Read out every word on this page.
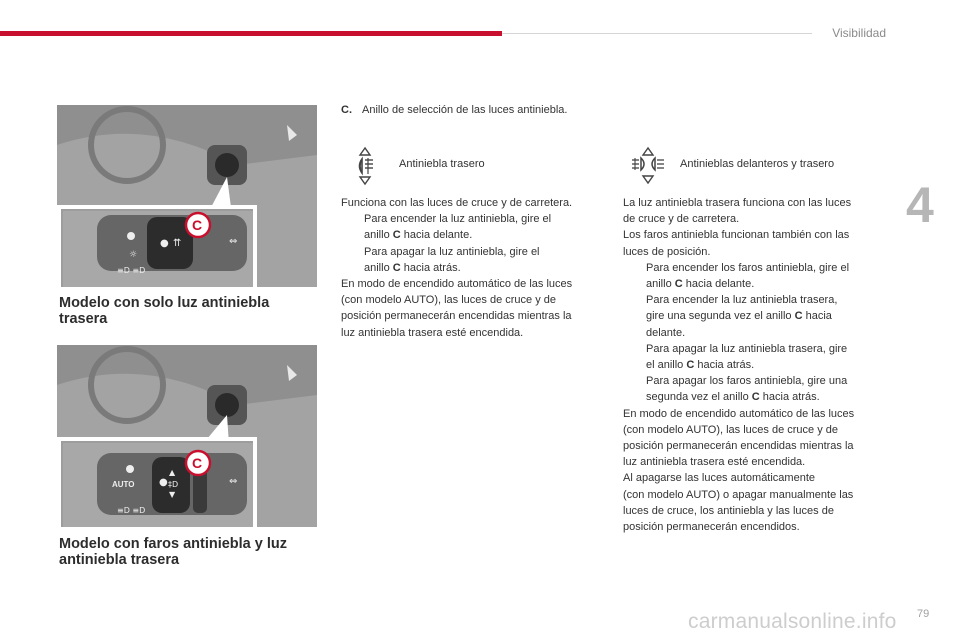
Visibilidad
4
☼
● ⇈
C
⇔
≡D ≡D
Modelo con solo luz antiniebla
trasera
AUTO ●
▲
‡D
▼
C
⇔
≡D ≡D
Modelo con faros antiniebla y luz
antiniebla trasera
C. Anillo de selección de las luces antiniebla.
Antiniebla trasero	Antinieblas delanteros y trasero

Funciona con las luces de cruce y de carretera.

Para encender la luz antiniebla, gire el
anillo C hacia delante.
Para apagar la luz antiniebla, gire el
anillo C hacia atrás.

En modo de encendido automático de las luces
(con modelo AUTO), las luces de cruce y de
posición permanecerán encendidas mientras la
luz antiniebla trasera esté encendida.

La luz antiniebla trasera funciona con las luces
de cruce y de carretera.
Los faros antiniebla funcionan también con las
luces de posición.

Para encender los faros antiniebla, gire el
anillo C hacia delante.
Para encender la luz antiniebla trasera,
gire una segunda vez el anillo C hacia
delante.
Para apagar la luz antiniebla trasera, gire
el anillo C hacia atrás.
Para apagar los faros antiniebla, gire una
segunda vez el anillo C hacia atrás.

En modo de encendido automático de las luces
(con modelo AUTO), las luces de cruce y de
posición permanecerán encendidas mientras la
luz antiniebla trasera esté encendida.
Al apagarse las luces automáticamente
(con modelo AUTO) o apagar manualmente las
luces de cruce, los antiniebla y las luces de
posición permanecerán encendidos.

carmanualsonline.info 79
